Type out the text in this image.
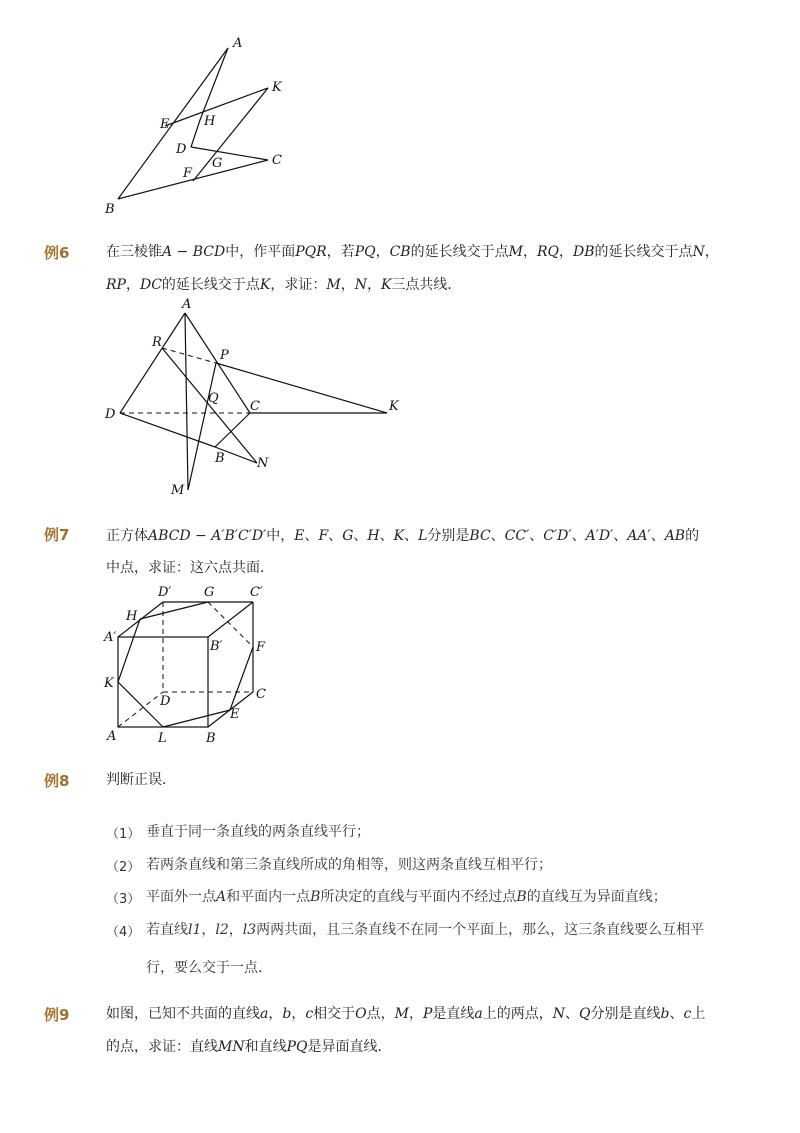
A
K
E	H
D
G	C
F
B
例6	在三棱锥A − BCD中，作平面PQR，若PQ，CB的延长线交于点M，RQ，DB的延长线交于点N，
RP，DC的延长线交于点K，求证：M，N，K三点共线．
A
R
P
Q
C
D
K
B N
M
例7	正方体ABCD − A′B′C′D′中，E、F、G、H、K、L分别是BC、CC′、C′D′、A′D′、AA′、AB的
中点，求证：这六点共面．
D′	G	C′
H
A′
B′	F
K
D	C
E
A	L	B
例8	判断正误．
（1） 垂直于同一条直线的两条直线平行；
（2） 若两条直线和第三条直线所成的角相等，则这两条直线互相平行；
（3） 平面外一点A和平面内一点B所决定的直线与平面内不经过点B的直线互为异面直线；
（4） 若直线l1，l2，l3两两共面，且三条直线不在同一个平面上，那么，这三条直线要么互相平
行，要么交于一点．
例9	如图，已知不共面的直线a，b，c相交于O点，M，P是直线a上的两点，N、Q分别是直线b、c上
的点，求证：直线MN和直线PQ是异面直线．
